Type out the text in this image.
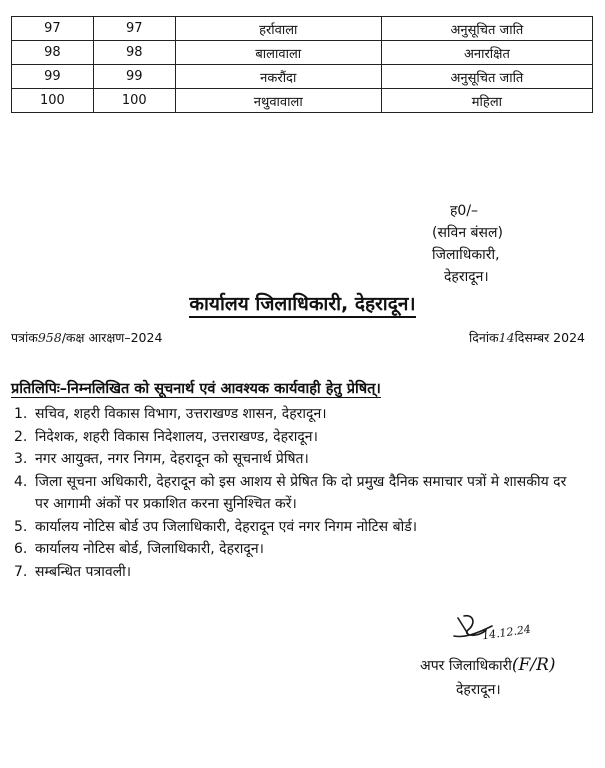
97	97	हर्रावाला	अनुसूचित जाति
98	98	बालावाला	अनारक्षित
99	99	नकरौंदा	अनुसूचित जाति
100	100	नथुवावाला	महिला
ह0/–
(सविन बंसल)
जिलाधिकारी,
देहरादून।
कार्यालय जिलाधिकारी, देहरादून।
पत्रांक958/कक्ष आरक्षण–2024	दिनांक14दिसम्बर 2024
प्रतिलिपिः–निम्नलिखित को सूचनार्थ एवं आवश्यक कार्यवाही हेतु प्रेषित्।
1. सचिव, शहरी विकास विभाग, उत्तराखण्ड शासन, देहरादून।
2. निदेशक, शहरी विकास निदेशालय, उत्तराखण्ड, देहरादून।
3. नगर आयुक्त, नगर निगम, देहरादून को सूचनार्थ प्रेषित।
4. जिला सूचना अधिकारी, देहरादून को इस आशय से प्रेषित कि दो प्रमुख दैनिक समाचार पत्रों मे शासकीय दर पर आगामी अंकों पर प्रकाशित करना सुनिश्चित करें।
5. कार्यालय नोटिस बोर्ड उप जिलाधिकारी, देहरादून एवं नगर निगम नोटिस बोर्ड।
6. कार्यालय नोटिस बोर्ड, जिलाधिकारी, देहरादून।
7. सम्बन्धित पत्रावली।
14.12.24
अपर जिलाधिकारी(F/R)
देहरादून।
